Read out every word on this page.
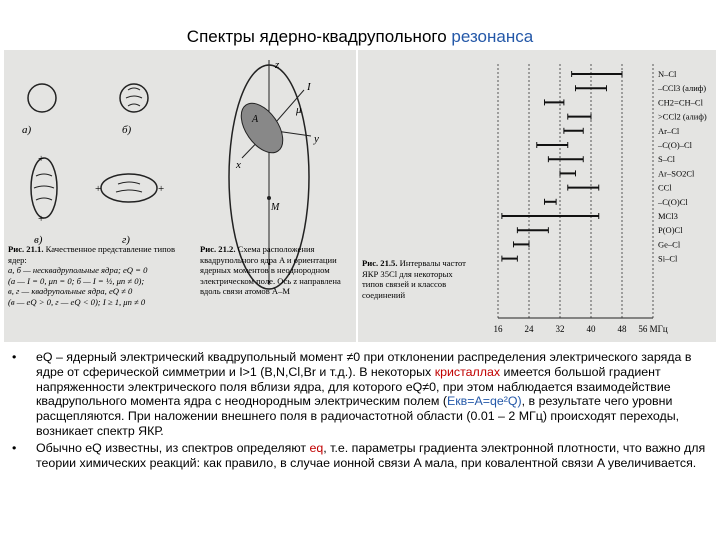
Спектры ядерно-квадрупольного резонанса
а)	б)
+
+
в)
+	+
г)
z
x
y
I
μ
A
M
Рис. 21.1. Качественное представление типов ядер:
а, б — несквадрупольные ядра; eQ = 0
(а — I = 0, μn = 0; б — I = ½, μn ≠ 0);
в, г — квадрупольные ядра, eQ ≠ 0
(в — eQ > 0, г — eQ < 0); I ≥ 1, μn ≠ 0
Рис. 21.2. Схема расположения квадрупольного ядра A и ориентации ядерных моментов в неоднородном электрическом поле. Ось z направлена вдоль связи атомов A–M
16 24 32 40 48 56 МГц
N–Cl
–CCl3 (алиф)
CH2=CH–Cl
>CCl2 (алиф)
Ar–Cl
–C(O)–Cl
S–Cl
Ar–SO2Cl
CCl
–C(O)Cl
MCl3
P(O)Cl
Ge–Cl
Si–Cl
Рис. 21.5. Интервалы частот ЯКР 35Cl для некоторых типов связей и классов соединений
•	eQ – ядерный электрический квадрупольный момент ≠0 при отклонении распределения электрического заряда в ядре от сферической симметрии и I>1 (B,N,Cl,Br и т.д.). В некоторых кристаллах имеется большой градиент напряженности электрического поля вблизи ядра, для которого eQ≠0, при этом наблюдается взаимодействие квадрупольного момента ядра с неоднородным электрическим полем (Eкв=А=qe²Q), в результате чего уровни расщепляются. При наложении внешнего поля в радиочастотной области (0.01 – 2 МГц) происходят переходы, возникает спектр ЯКР.
•	Обычно eQ известны, из спектров определяют eq, т.е. параметры градиента электронной плотности, что важно для теории химических реакций: как правило, в случае ионной связи A мала, при ковалентной связи A увеличивается.
